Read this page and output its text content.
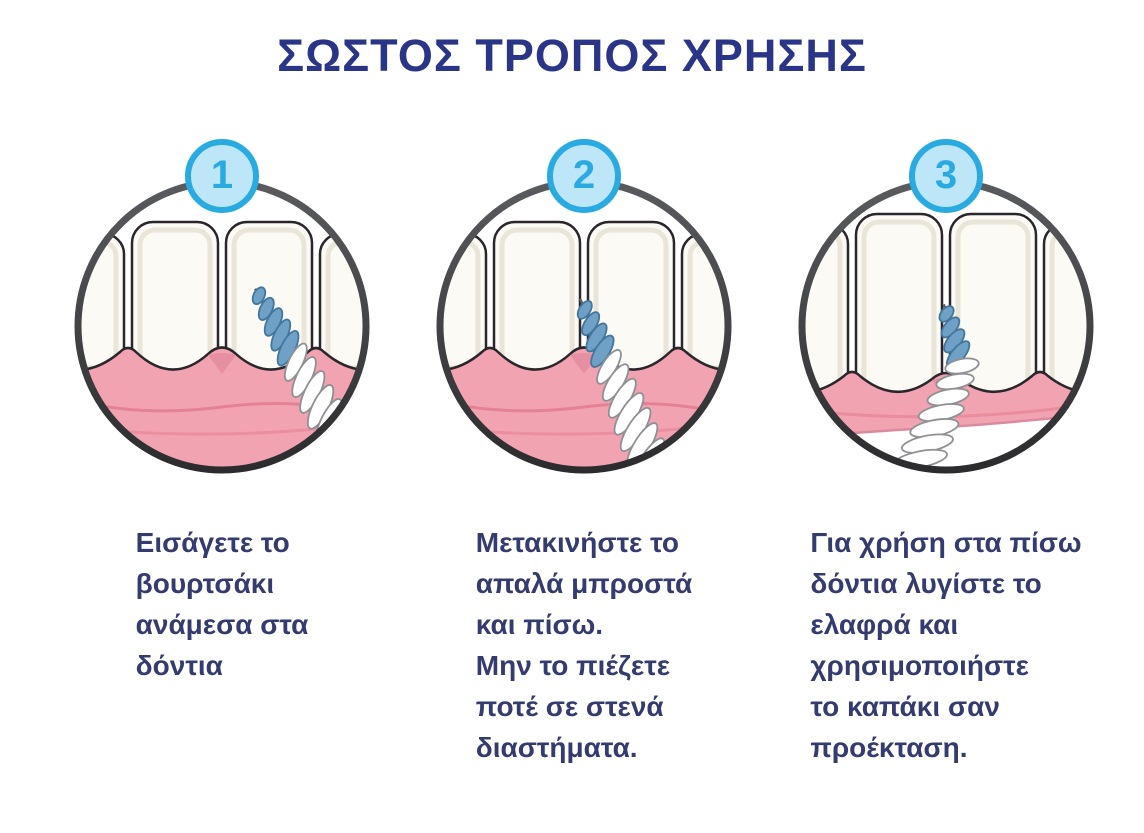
ΣΩΣΤΟΣ ΤΡΟΠΟΣ ΧΡΗΣΗΣ
1
Εισάγετε το
βουρτσάκι
ανάμεσα στα
δόντια
2
Μετακινήστε το
απαλά μπροστά
και πίσω.
Μην το πιέζετε
ποτέ σε στενά
διαστήματα.
3
Για χρήση στα πίσω
δόντια λυγίστε το
ελαφρά και
χρησιμοποιήστε
το καπάκι σαν
προέκταση.
